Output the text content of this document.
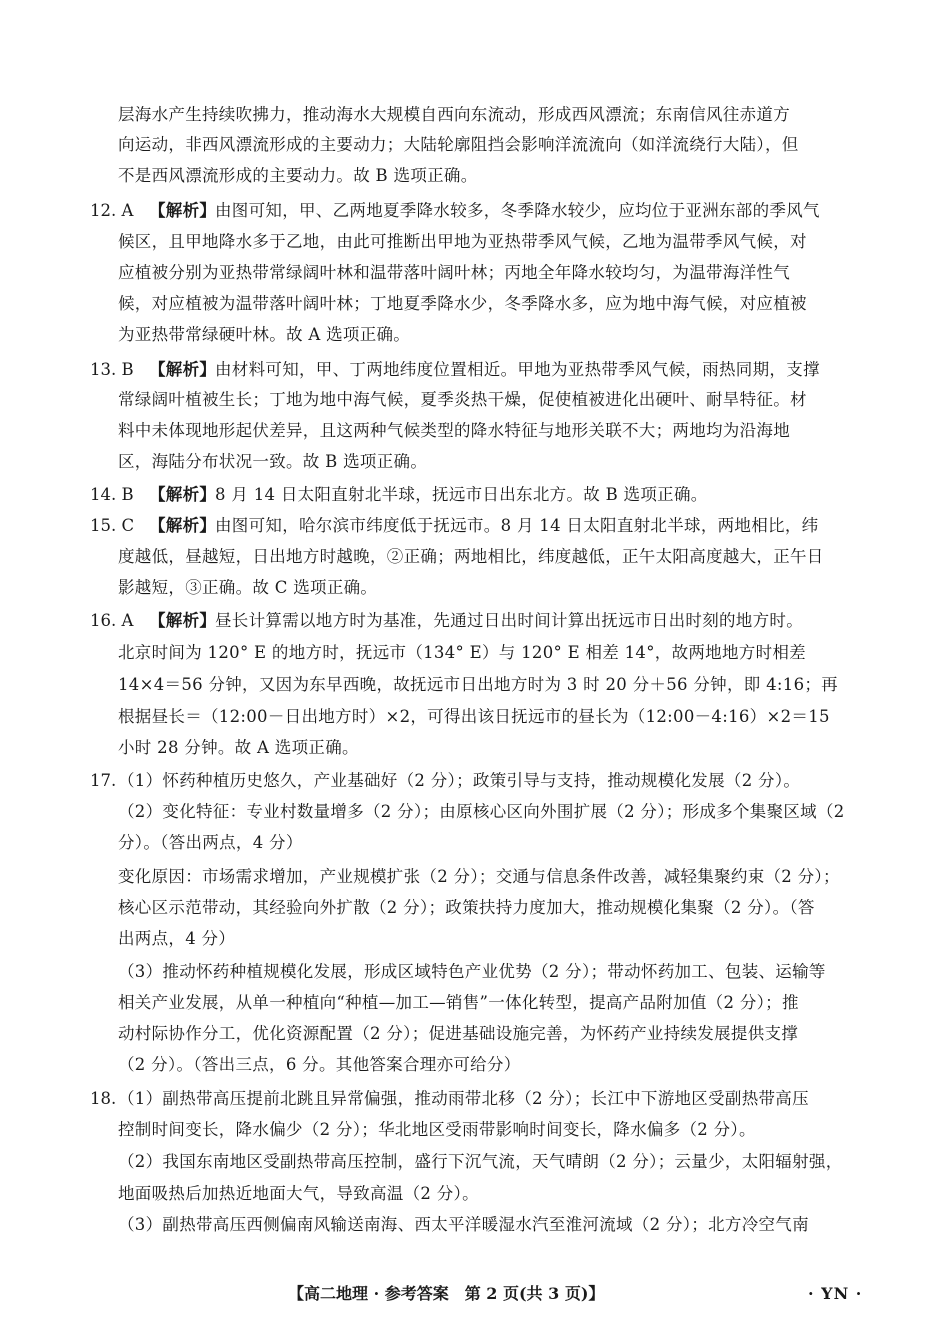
层海水产生持续吹拂力，推动海水大规模自西向东流动，形成西风漂流；东南信风往赤道方
向运动，非西风漂流形成的主要动力；大陆轮廓阻挡会影响洋流流向（如洋流绕行大陆），但
不是西风漂流形成的主要动力。故 B 选项正确。
12. A 【解析】
由图可知，甲、乙两地夏季降水较多，冬季降水较少，应均位于亚洲东部的季风气
候区，且甲地降水多于乙地，由此可推断出甲地为亚热带季风气候，乙地为温带季风气候，对
应植被分别为亚热带常绿阔叶林和温带落叶阔叶林；丙地全年降水较均匀，为温带海洋性气
候，对应植被为温带落叶阔叶林；丁地夏季降水少，冬季降水多，应为地中海气候，对应植被
为亚热带常绿硬叶林。故 A 选项正确。
13. B 【解析】
由材料可知，甲、丁两地纬度位置相近。甲地为亚热带季风气候，雨热同期，支撑
常绿阔叶植被生长；丁地为地中海气候，夏季炎热干燥，促使植被进化出硬叶、耐旱特征。材
料中未体现地形起伏差异，且这两种气候类型的降水特征与地形关联不大；两地均为沿海地
区，海陆分布状况一致。故 B 选项正确。
14. B 【解析】
8 月 14 日太阳直射北半球，抚远市日出东北方。故 B 选项正确。
15. C 【解析】
由图可知，哈尔滨市纬度低于抚远市。8 月 14 日太阳直射北半球，两地相比，纬
度越低，昼越短，日出地方时越晚，②正确；两地相比，纬度越低，正午太阳高度越大，正午日
影越短，③正确。故 C 选项正确。
16. A 【解析】
昼长计算需以地方时为基准，先通过日出时间计算出抚远市日出时刻的地方时。
北京时间为 120° E 的地方时，抚远市（134° E）与 120° E 相差 14°，故两地地方时相差
14×4＝56 分钟，又因为东早西晚，故抚远市日出地方时为 3 时 20 分＋56 分钟，即 4:16；再
根据昼长＝（12:00－日出地方时）×2，可得出该日抚远市的昼长为（12:00－4:16）×2＝15
小时 28 分钟。故 A 选项正确。
17. （1）怀药种植历史悠久，产业基础好（2 分）；政策引导与支持，推动规模化发展（2 分）。
（2）变化特征：专业村数量增多（2 分）；由原核心区向外围扩展（2 分）；形成多个集聚区域（2
分）。（答出两点，4 分）
变化原因：市场需求增加，产业规模扩张（2 分）；交通与信息条件改善，减轻集聚约束（2 分）；
核心区示范带动，其经验向外扩散（2 分）；政策扶持力度加大，推动规模化集聚（2 分）。（答
出两点，4 分）
（3）推动怀药种植规模化发展，形成区域特色产业优势（2 分）；带动怀药加工、包装、运输等
相关产业发展，从单一种植向“种植—加工—销售”一体化转型，提高产品附加值（2 分）；推
动村际协作分工，优化资源配置（2 分）；促进基础设施完善，为怀药产业持续发展提供支撑
（2 分）。（答出三点，6 分。其他答案合理亦可给分）
18. （1）副热带高压提前北跳且异常偏强，推动雨带北移（2 分）；长江中下游地区受副热带高压
控制时间变长，降水偏少（2 分）；华北地区受雨带影响时间变长，降水偏多（2 分）。
（2）我国东南地区受副热带高压控制，盛行下沉气流，天气晴朗（2 分）；云量少，太阳辐射强，
地面吸热后加热近地面大气，导致高温（2 分）。
（3）副热带高压西侧偏南风输送南海、西太平洋暖湿水汽至淮河流域（2 分）；北方冷空气南
【高二地理 · 参考答案　第 2 页(共 3 页)】	· YN ·
